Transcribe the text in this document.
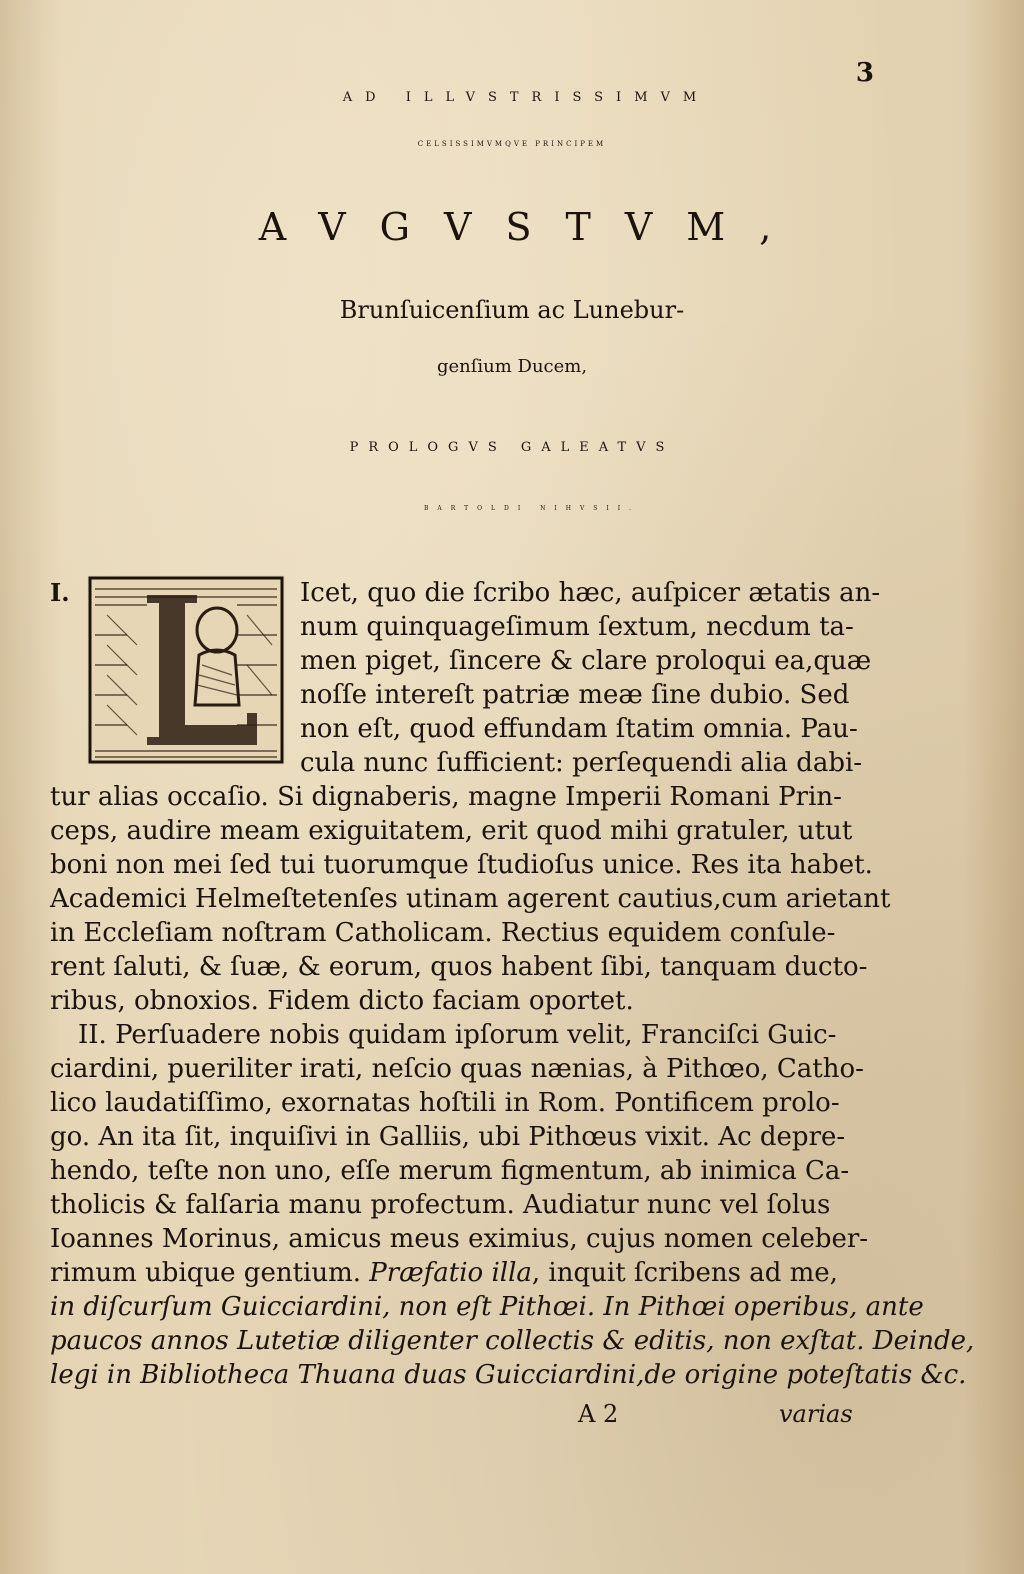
3
AD ILLVSTRISSIMVM
CELSISSIMVMQVE PRINCIPEM
AVGVSTVM,
Brunſuicenſium ac Lunebur-
genſium Ducem,
PROLOGVS GALEATVS
BARTOLDI NIHVSII.
I.	Icet, quo die ſcribo hæc, auſpicer ætatis an-
num quinquageſimum ſextum, necdum ta-
men piget, ſincere & clare proloqui ea,quæ
noſſe intereſt patriæ meæ ſine dubio. Sed
non eſt, quod effundam ſtatim omnia. Pau-
cula nunc ſufficient: perſequendi alia dabi-
tur alias occaſio. Si dignaberis, magne Imperii Romani Prin-
ceps, audire meam exiguitatem, erit quod mihi gratuler, utut
boni non mei ſed tui tuorumque ſtudioſus unice. Res ita habet.
Academici Helmeſtetenſes utinam agerent cautius,cum arietant
in Eccleſiam noſtram Catholicam. Rectius equidem conſule-
rent ſaluti, & ſuæ, & eorum, quos habent ſibi, tanquam ducto-
ribus, obnoxios. Fidem dicto faciam oportet.
II. Perſuadere nobis quidam ipſorum velit, Franciſci Guic-
ciardini, pueriliter irati, neſcio quas nænias, à Pithœo, Catho-
lico laudatiſſimo, exornatas hoſtili in Rom. Pontificem prolo-
go. An ita ſit, inquiſivi in Galliis, ubi Pithœus vixit. Ac depre-
hendo, teſte non uno, eſſe merum figmentum, ab inimica Ca-
tholicis & falſaria manu profectum. Audiatur nunc vel ſolus
Ioannes Morinus, amicus meus eximius, cujus nomen celeber-
rimum ubique gentium. Præfatio illa, inquit ſcribens ad me,
in diſcurſum Guicciardini, non eſt Pithœi. In Pithœi operibus, ante
paucos annos Lutetiæ diligenter collectis & editis, non exſtat. Deinde,
legi in Bibliotheca Thuana duas Guicciardini,de origine poteſtatis &c.
A 2	varias
